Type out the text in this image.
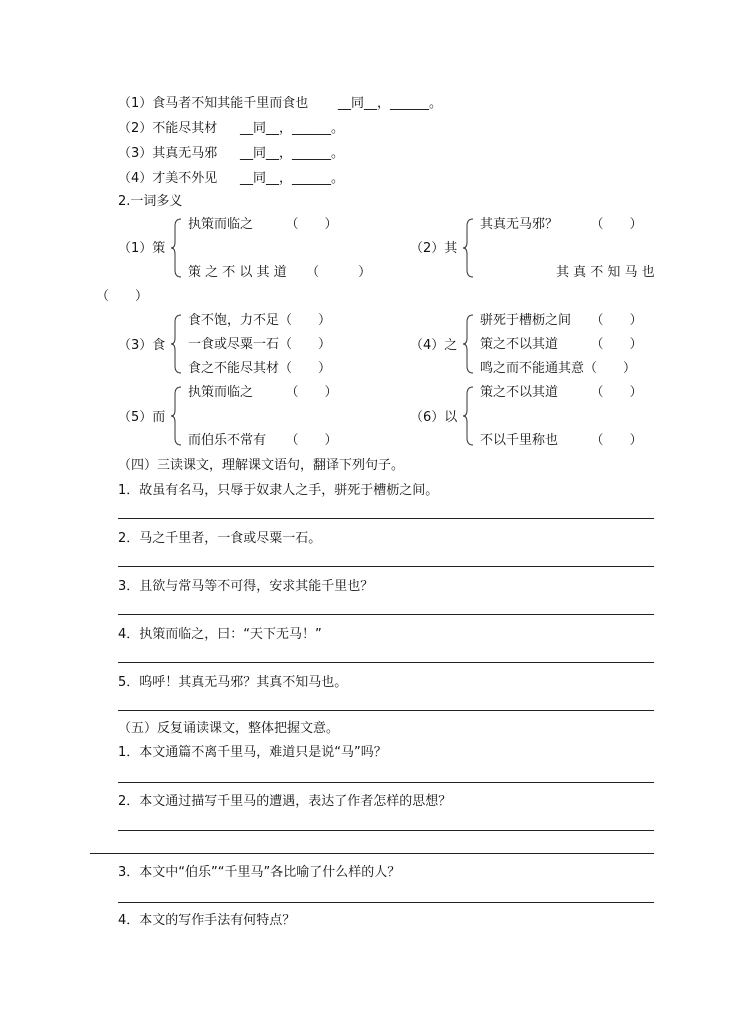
（1）食马者不知其能千里而食也 __同__，______。
（2）不能尽其材 __同__，______。
（3）其真无马邪 __同__，______。
（4）才美不外见 __同__，______。
2.一词多义
（1）策
执策而临之　　　（　　）
策 之 不 以 其 道　　（　　　）
（2）其
其真无马邪？　　　（　　）
其 真 不 知 马 也
（　　）
（3）食
食不饱，力不足（　　）
一食或尽粟一石（　　）
食之不能尽其材（　　）
（4）之
骈死于槽枥之间　　（　　）
策之不以其道　　　（　　）
鸣之而不能通其意（　　）
（5）而
执策而临之　　　（　　）
而伯乐不常有　　（　　）
（6）以
策之不以其道　　　（　　）
不以千里称也　　　（　　）
（四）三读课文，理解课文语句，翻译下列句子。
1．故虽有名马，只辱于奴隶人之手，骈死于槽枥之间。
2．马之千里者，一食或尽粟一石。
3．且欲与常马等不可得，安求其能千里也？
4．执策而临之，曰：“天下无马！”
5．呜呼！其真无马邪？其真不知马也。
（五）反复诵读课文，整体把握文意。
1．本文通篇不离千里马，难道只是说“马”吗？
2．本文通过描写千里马的遭遇，表达了作者怎样的思想？
3．本文中“伯乐”“千里马”各比喻了什么样的人？
4．本文的写作手法有何特点？
